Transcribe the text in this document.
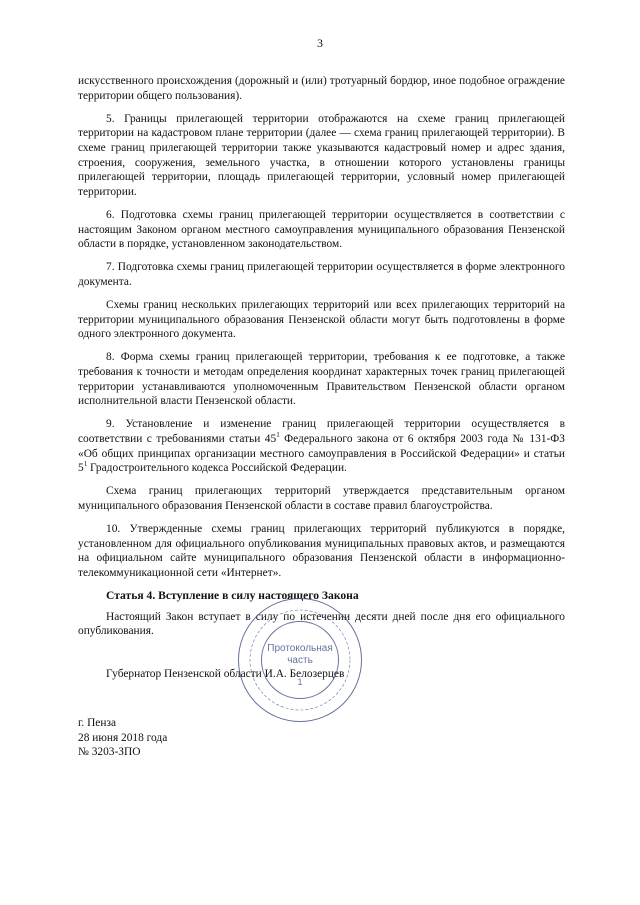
3

искусственного происхождения (дорожный и (или) тротуарный бордюр, иное подобное ограждение территории общего пользования).

5. Границы прилегающей территории отображаются на схеме границ прилегающей территории на кадастровом плане территории (далее — схема границ прилегающей территории). В схеме границ прилегающей территории также указываются кадастровый номер и адрес здания, строения, сооружения, земельного участка, в отношении которого установлены границы прилегающей территории, площадь прилегающей территории, условный номер прилегающей территории.

6. Подготовка схемы границ прилегающей территории осуществляется в соответствии с настоящим Законом органом местного самоуправления муниципального образования Пензенской области в порядке, установленном законодательством.

7. Подготовка схемы границ прилегающей территории осуществляется в форме электронного документа.

Схемы границ нескольких прилегающих территорий или всех прилегающих территорий на территории муниципального образования Пензенской области могут быть подготовлены в форме одного электронного документа.

8. Форма схемы границ прилегающей территории, требования к ее подготовке, а также требования к точности и методам определения координат характерных точек границ прилегающей территории устанавливаются уполномоченным Правительством Пензенской области органом исполнительной власти Пензенской области.

9. Установление и изменение границ прилегающей территории осуществляется в соответствии с требованиями статьи $45^1$ Федерального закона от 6 октября 2003 года № 131-ФЗ «Об общих принципах организации местного самоуправления в Российской Федерации» и статьи $5^1$ Градостроительного кодекса Российской Федерации.

Схема границ прилегающих территорий утверждается представительным органом муниципального образования Пензенской области в составе правил благоустройства.

10. Утвержденные схемы границ прилегающих территорий публикуются в порядке, установленном для официального опубликования муниципальных правовых актов, и размещаются на официальном сайте муниципального образования Пензенской области в информационно-телекоммуникационной сети «Интернет».

Статья 4. Вступление в силу настоящего Закона

Настоящий Закон вступает в силу по истечении десяти дней после дня его официального опубликования.

Губернатор Пензенской области И.А. Белозерцев

Протокольная
часть
1
г. Пенза
28 июня 2018 года
№ 3203-ЗПО
